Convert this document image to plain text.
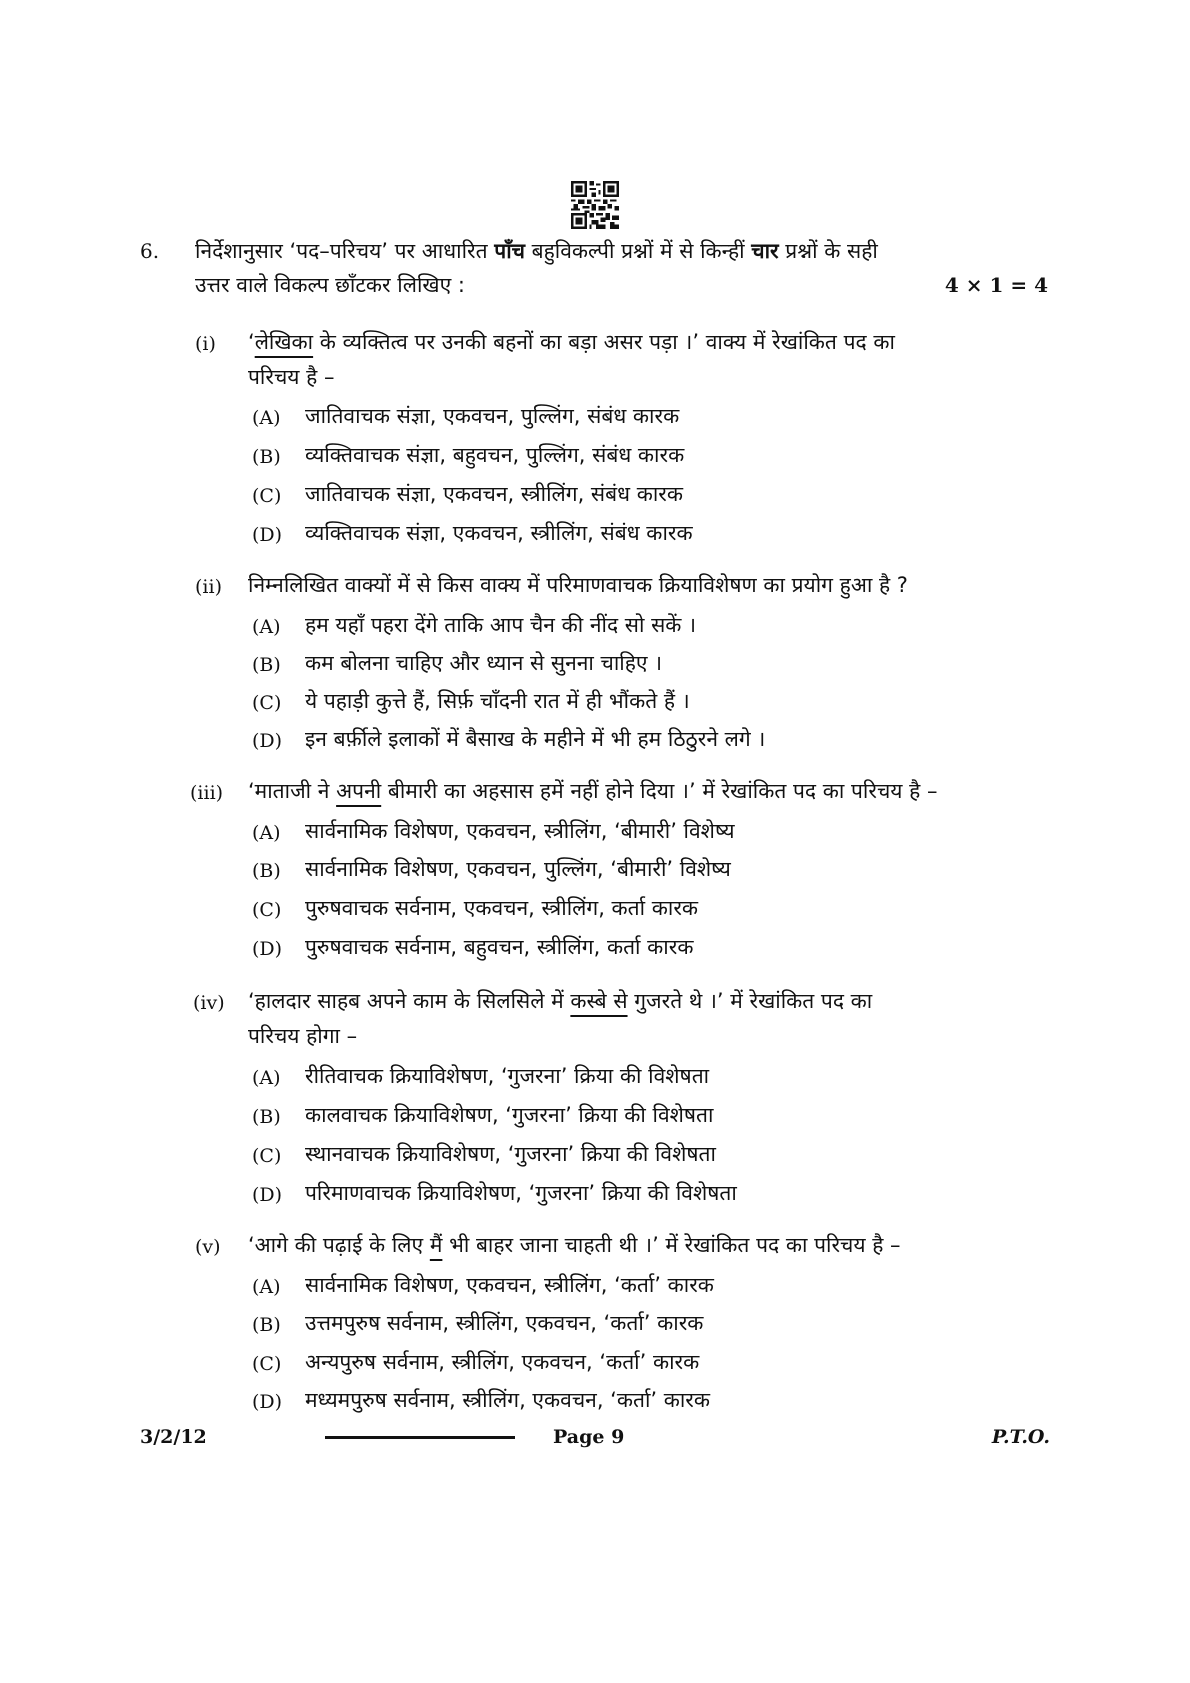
6. निर्देशानुसार ‘पद–परिचय’ पर आधारित पाँच बहुविकल्पी प्रश्नों में से किन्हीं चार प्रश्नों के सही
उत्तर वाले विकल्प छाँटकर लिखिए :	4 × 1 = 4
(i) ‘लेखिका के व्यक्तित्व पर उनकी बहनों का बड़ा असर पड़ा ।’ वाक्य में रेखांकित पद का
परिचय है –
(A) जातिवाचक संज्ञा, एकवचन, पुल्लिंग, संबंध कारक
(B) व्यक्तिवाचक संज्ञा, बहुवचन, पुल्लिंग, संबंध कारक
(C) जातिवाचक संज्ञा, एकवचन, स्त्रीलिंग, संबंध कारक
(D) व्यक्तिवाचक संज्ञा, एकवचन, स्त्रीलिंग, संबंध कारक
(ii) निम्नलिखित वाक्यों में से किस वाक्य में परिमाणवाचक क्रियाविशेषण का प्रयोग हुआ है ?
(A) हम यहाँ पहरा देंगे ताकि आप चैन की नींद सो सकें ।
(B) कम बोलना चाहिए और ध्यान से सुनना चाहिए ।
(C) ये पहाड़ी कुत्ते हैं, सिर्फ़ चाँदनी रात में ही भौंकते हैं ।
(D) इन बर्फ़ीले इलाकों में बैसाख के महीने में भी हम ठिठुरने लगे ।
(iii) ‘माताजी ने अपनी बीमारी का अहसास हमें नहीं होने दिया ।’ में रेखांकित पद का परिचय है –
(A) सार्वनामिक विशेषण, एकवचन, स्त्रीलिंग, ‘बीमारी’ विशेष्य
(B) सार्वनामिक विशेषण, एकवचन, पुल्लिंग, ‘बीमारी’ विशेष्य
(C) पुरुषवाचक सर्वनाम, एकवचन, स्त्रीलिंग, कर्ता कारक
(D) पुरुषवाचक सर्वनाम, बहुवचन, स्त्रीलिंग, कर्ता कारक
(iv) ‘हालदार साहब अपने काम के सिलसिले में कस्बे से गुजरते थे ।’ में रेखांकित पद का
परिचय होगा –
(A) रीतिवाचक क्रियाविशेषण, ‘गुजरना’ क्रिया की विशेषता
(B) कालवाचक क्रियाविशेषण, ‘गुजरना’ क्रिया की विशेषता
(C) स्थानवाचक क्रियाविशेषण, ‘गुजरना’ क्रिया की विशेषता
(D) परिमाणवाचक क्रियाविशेषण, ‘गुजरना’ क्रिया की विशेषता
(v) ‘आगे की पढ़ाई के लिए मैं भी बाहर जाना चाहती थी ।’ में रेखांकित पद का परिचय है –
(A) सार्वनामिक विशेषण, एकवचन, स्त्रीलिंग, ‘कर्ता’ कारक
(B) उत्तमपुरुष सर्वनाम, स्त्रीलिंग, एकवचन, ‘कर्ता’ कारक
(C) अन्यपुरुष सर्वनाम, स्त्रीलिंग, एकवचन, ‘कर्ता’ कारक
(D) मध्यमपुरुष सर्वनाम, स्त्रीलिंग, एकवचन, ‘कर्ता’ कारक
3/2/12	Page 9	P.T.O.
